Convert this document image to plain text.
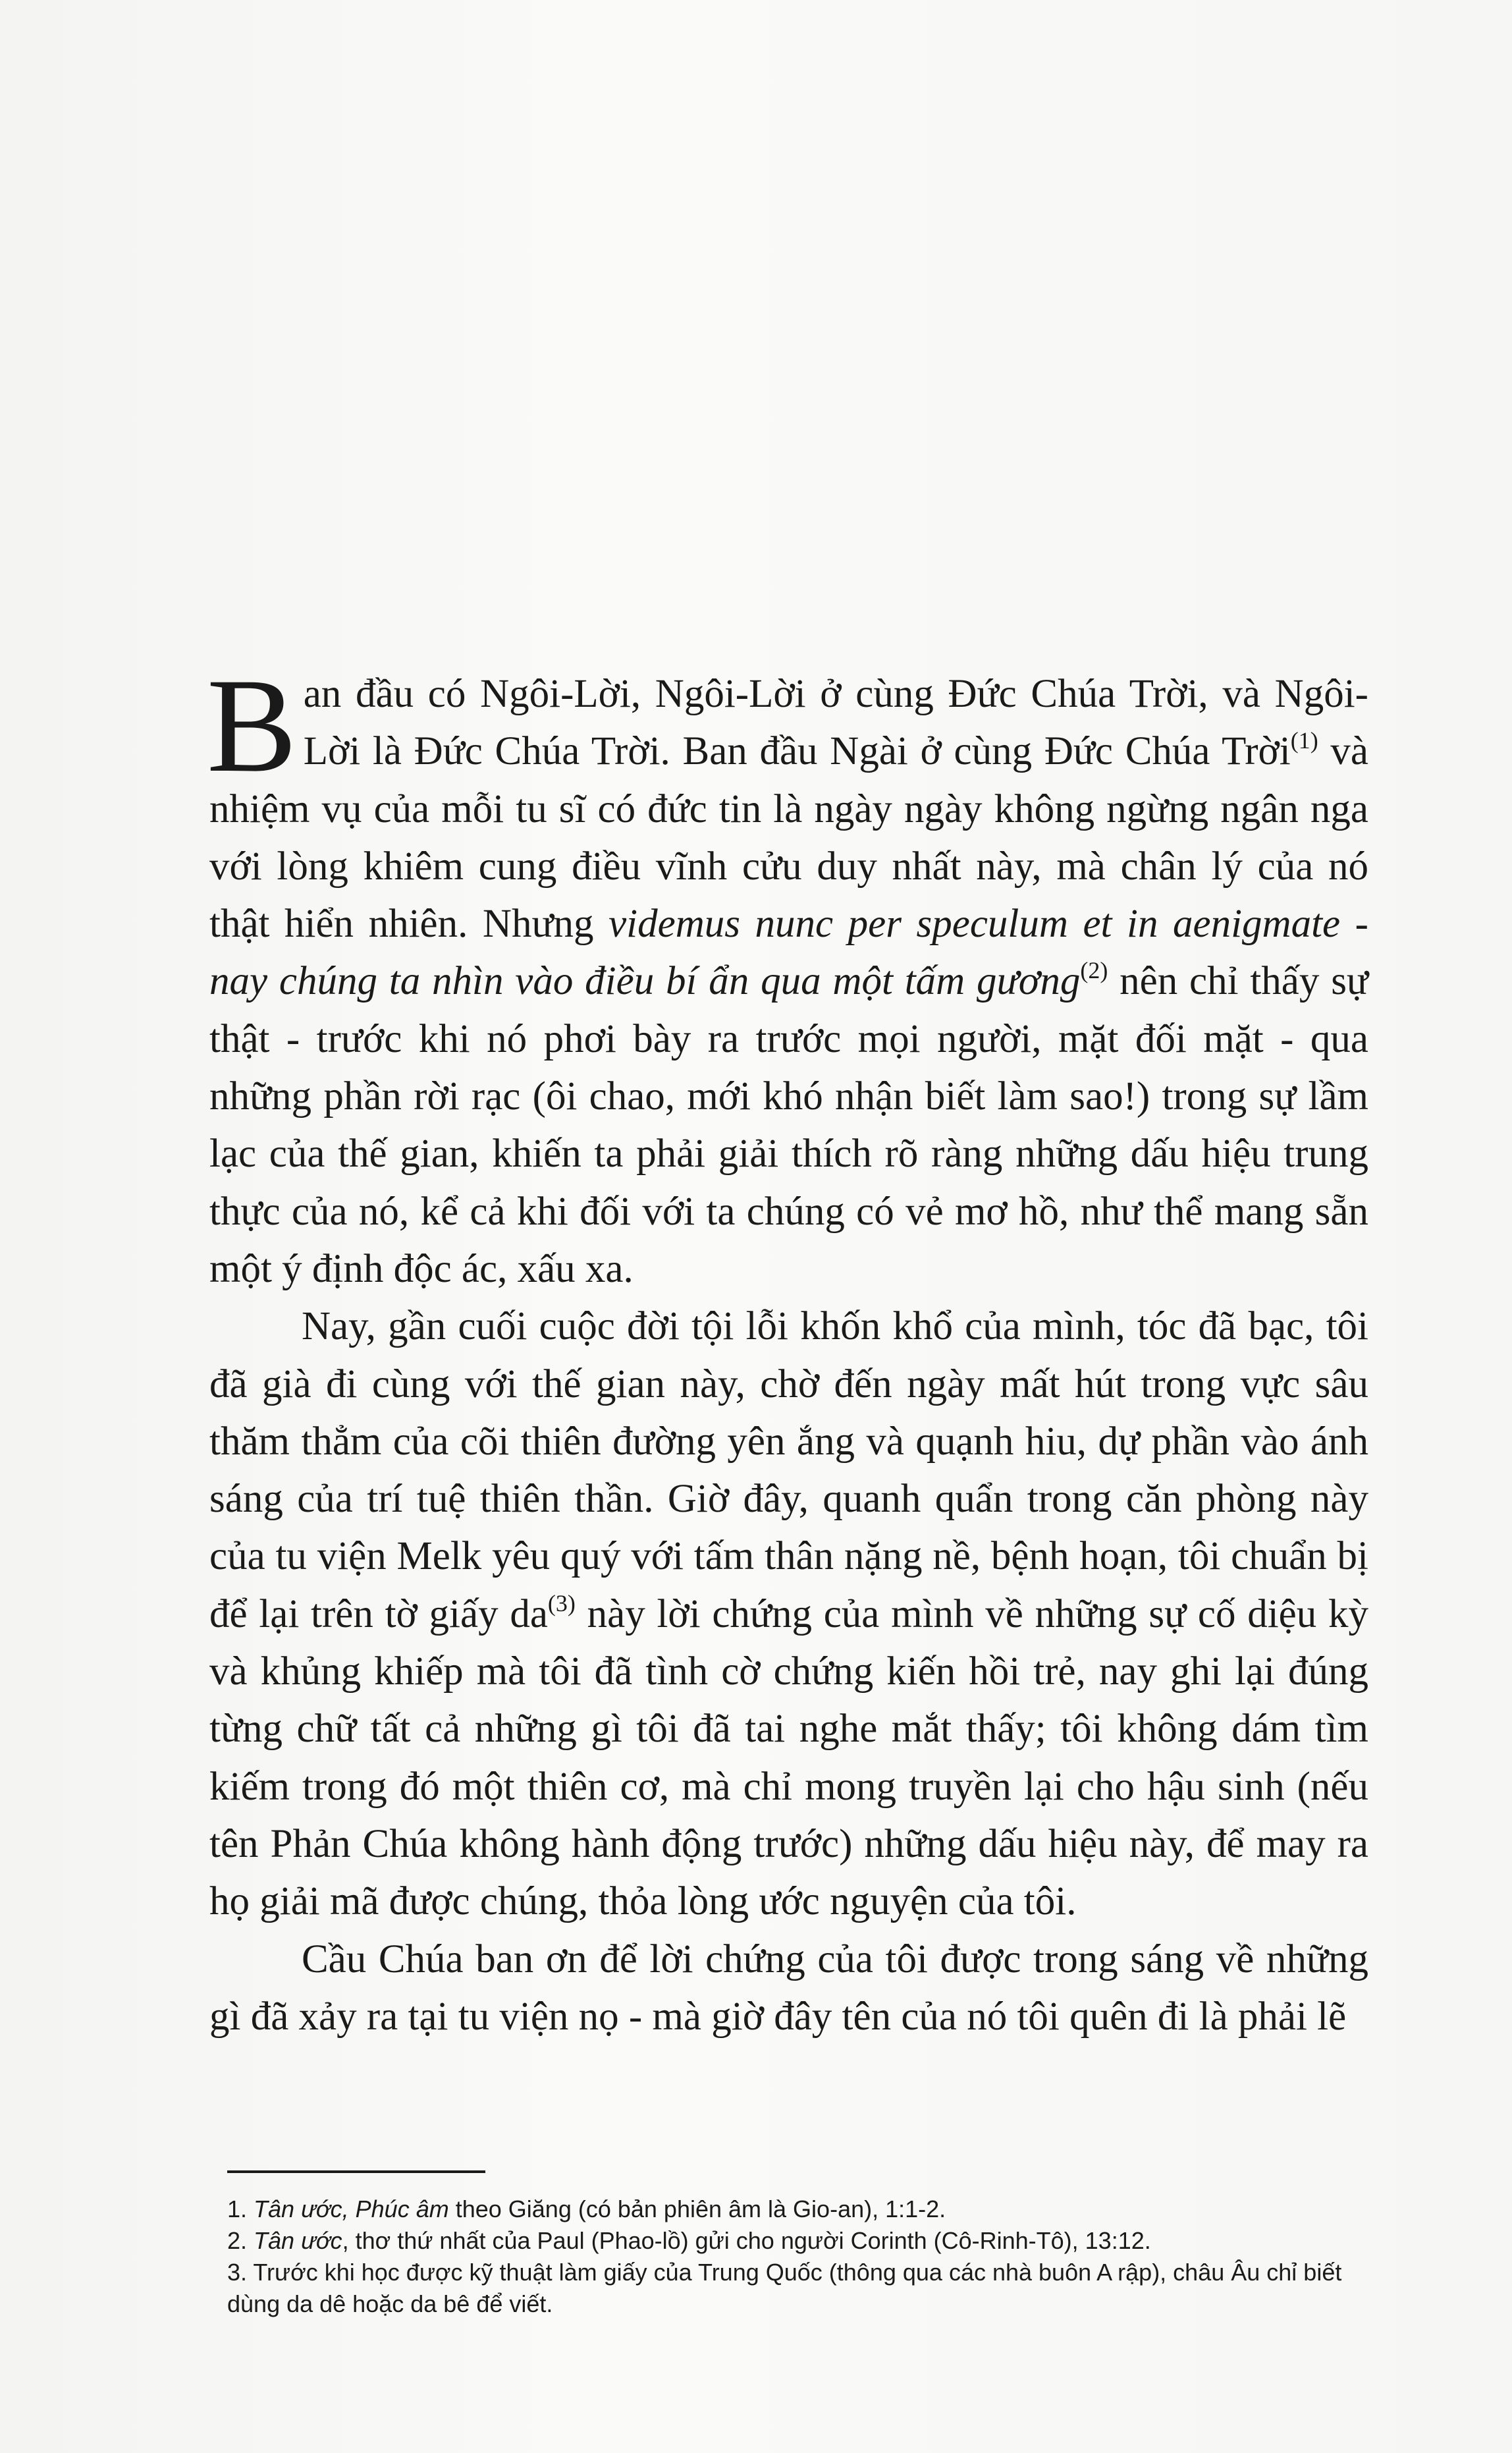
Ban đầu có Ngôi-Lời, Ngôi-Lời ở cùng Đức Chúa Trời, và Ngôi-Lời là Đức Chúa Trời. Ban đầu Ngài ở cùng Đức Chúa Trời$^{(1)}$ và nhiệm vụ của mỗi tu sĩ có đức tin là ngày ngày không ngừng ngân nga với lòng khiêm cung điều vĩnh cửu duy nhất này, mà chân lý của nó thật hiển nhiên. Nhưng videmus nunc per speculum et in aenigmate - nay chúng ta nhìn vào điều bí ẩn qua một tấm gương$^{(2)}$ nên chỉ thấy sự thật - trước khi nó phơi bày ra trước mọi người, mặt đối mặt - qua những phần rời rạc (ôi chao, mới khó nhận biết làm sao!) trong sự lầm lạc của thế gian, khiến ta phải giải thích rõ ràng những dấu hiệu trung thực của nó, kể cả khi đối với ta chúng có vẻ mơ hồ, như thể mang sẵn một ý định độc ác, xấu xa.

Nay, gần cuối cuộc đời tội lỗi khốn khổ của mình, tóc đã bạc, tôi đã già đi cùng với thế gian này, chờ đến ngày mất hút trong vực sâu thăm thẳm của cõi thiên đường yên ắng và quạnh hiu, dự phần vào ánh sáng của trí tuệ thiên thần. Giờ đây, quanh quẩn trong căn phòng này của tu viện Melk yêu quý với tấm thân nặng nề, bệnh hoạn, tôi chuẩn bị để lại trên tờ giấy $da^{(3)}$ này lời chứng của mình về những sự cố diệu kỳ và khủng khiếp mà tôi đã tình cờ chứng kiến hồi trẻ, nay ghi lại đúng từng chữ tất cả những gì tôi đã tai nghe mắt thấy; tôi không dám tìm kiếm trong đó một thiên cơ, mà chỉ mong truyền lại cho hậu sinh (nếu tên Phản Chúa không hành động trước) những dấu hiệu này, để may ra họ giải mã được chúng, thỏa lòng ước nguyện của tôi.

Cầu Chúa ban ơn để lời chứng của tôi được trong sáng về những gì đã xảy ra tại tu viện nọ - mà giờ đây tên của nó tôi quên đi là phải lẽ

1. Tân ước, Phúc âm theo Giăng (có bản phiên âm là Gio-an), 1:1-2.

2. Tân ước, thơ thứ nhất của Paul (Phao-lồ) gửi cho người Corinth (Cô-Rinh-Tô), 13:12.

3. Trước khi học được kỹ thuật làm giấy của Trung Quốc (thông qua các nhà buôn A rập), châu Âu chỉ biết dùng da dê hoặc da bê để viết.
